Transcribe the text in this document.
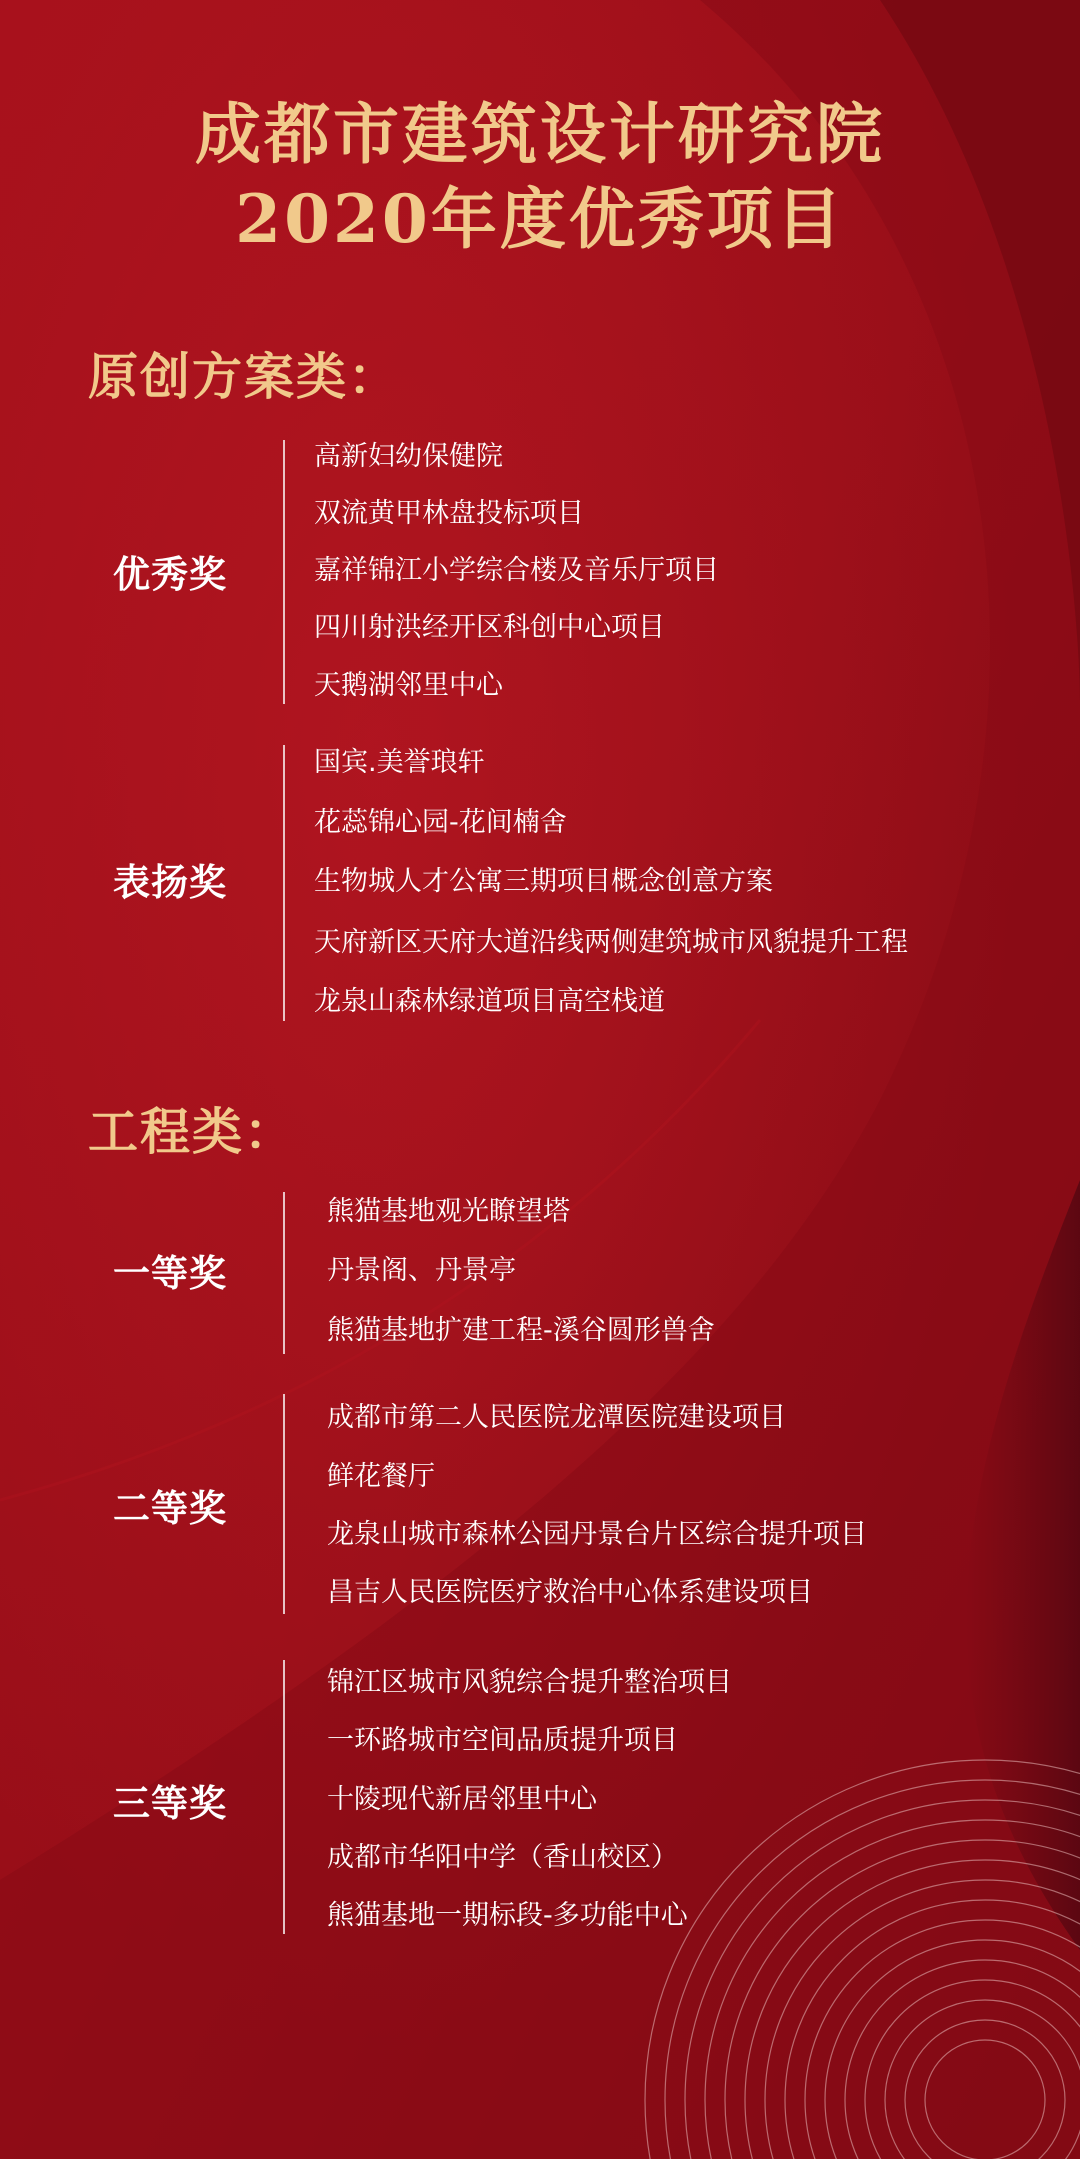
成都市建筑设计研究院
2020年度优秀项目
原创方案类：
优秀奖
高新妇幼保健院
双流黄甲林盘投标项目
嘉祥锦江小学综合楼及音乐厅项目
四川射洪经开区科创中心项目
天鹅湖邻里中心
表扬奖
国宾.美誉琅轩
花蕊锦心园-花间楠舍
生物城人才公寓三期项目概念创意方案
天府新区天府大道沿线两侧建筑城市风貌提升工程
龙泉山森林绿道项目高空栈道
工程类：
一等奖
熊猫基地观光瞭望塔
丹景阁、丹景亭
熊猫基地扩建工程-溪谷圆形兽舍
二等奖
成都市第二人民医院龙潭医院建设项目
鲜花餐厅
龙泉山城市森林公园丹景台片区综合提升项目
昌吉人民医院医疗救治中心体系建设项目
三等奖
锦江区城市风貌综合提升整治项目
一环路城市空间品质提升项目
十陵现代新居邻里中心
成都市华阳中学（香山校区）
熊猫基地一期标段-多功能中心
